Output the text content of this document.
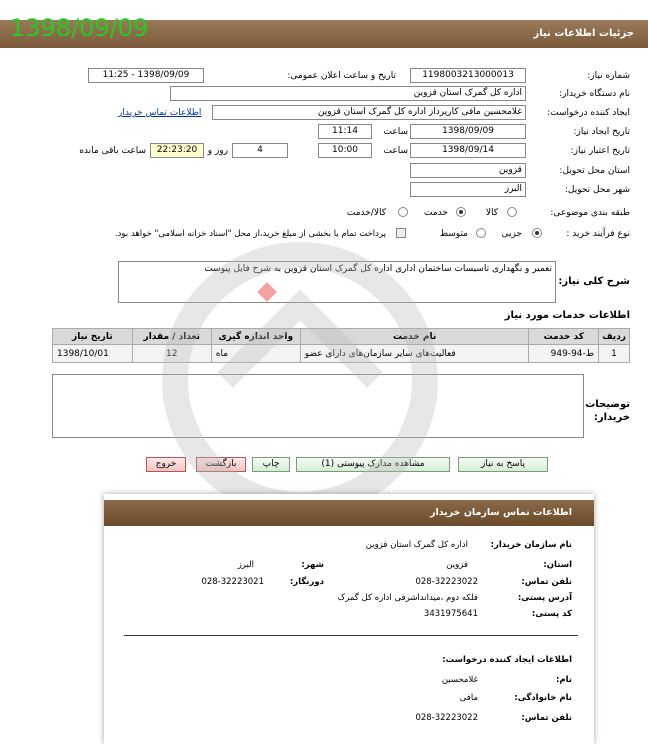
جزئیات اطلاعات نیاز
1398/09/09
شماره نیاز:
1198003213000013
تاریخ و ساعت اعلان عمومی:
1398/09/09 - 11:25
نام دستگاه خریدار:
اداره کل گمرک استان قزوین
ایجاد کننده درخواست:
غلامحسین مافی کارپرداز اداره کل گمرک استان قزوین
اطلاعات تماس خریدار
تاریخ ایجاد نیاز:
1398/09/09
ساعت
11:14
تاریخ اعتبار نیاز:
1398/09/14
ساعت
10:00
4
روز و
22:23:20
ساعت باقی مانده
استان محل تحویل:
قزوین
شهر محل تحویل:
البرز
طبقه بندی موضوعی:
کالا
خدمت
کالا/خدمت
نوع فرآیند خرید :
جزیی
متوسط
پرداخت تمام یا بخشی از مبلغ خرید،از محل "اسناد خزانه اسلامی" خواهد بود.
شرح کلی نیاز:
تعمیر و نگهداری تاسیسات ساختمان اداری اداره کل گمرک استان قزوین به شرح فایل پیوست
اطلاعات خدمات مورد نیاز
ردیف	کد خدمت	نام خدمت	واحد اندازه گیری	تعداد / مقدار	تاریخ نیاز
1	ط-94-949	فعالیت‌های سایر سازمان‌های دارای عضو	ماه	12	1398/10/01
توضیحات خریدار:
پاسخ به نیاز
مشاهده مدارک پیوستی (1)
چاپ
بازگشت
خروج
اطلاعات تماس سازمان خریدار
نام سازمان خریدار:
اداره کل گمرک استان قزوین
استان:
قزوین
شهر:
البرز
تلفن تماس:
028-32223022
دورنگار:
028-32223021
آدرس پستی:
فلکه دوم ،میدانداشرقی اداره کل گمرک
کد پستی:
3431975641
اطلاعات ایجاد کننده درخواست:
نام:
غلامحسین
نام خانوادگی:
مافی
تلفن تماس:
028-32223022
